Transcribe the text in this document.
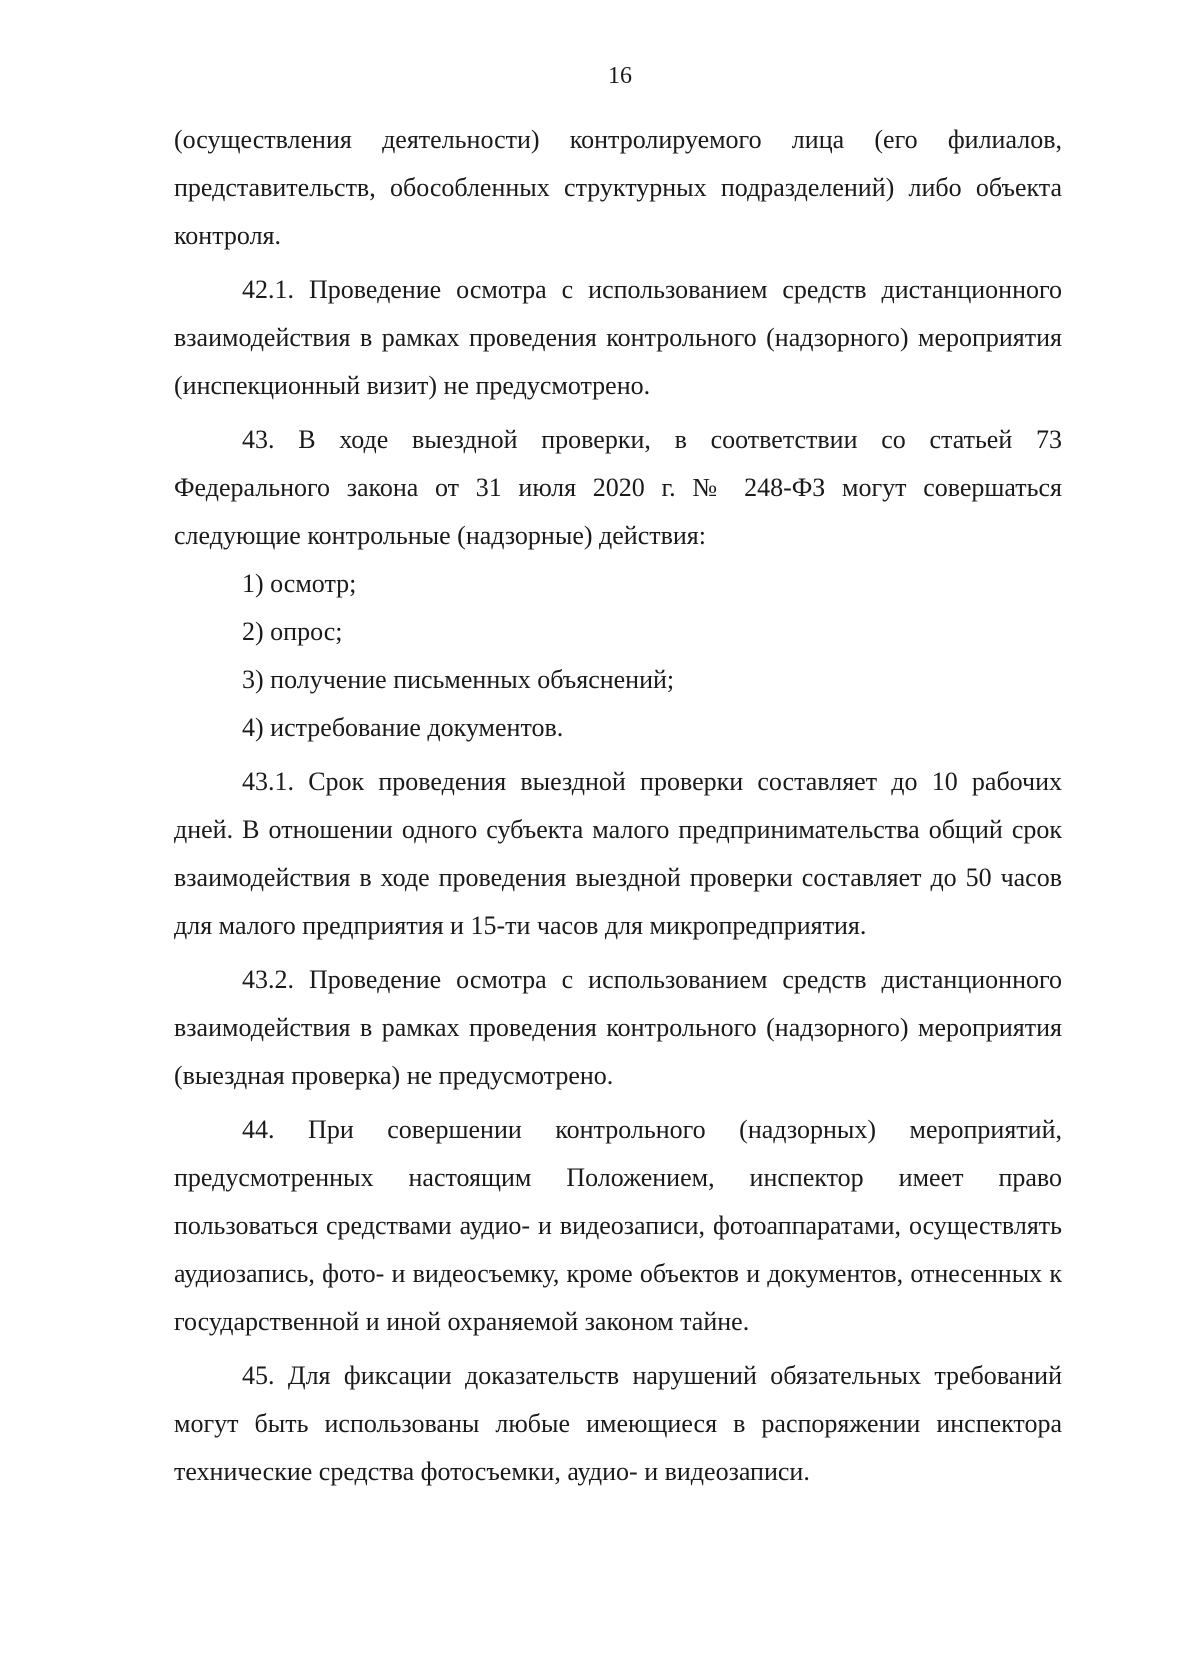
16

(осуществления деятельности) контролируемого лица (его филиалов, представительств, обособленных структурных подразделений) либо объекта контроля.

42.1. Проведение осмотра с использованием средств дистанционного взаимодействия в рамках проведения контрольного (надзорного) мероприятия (инспекционный визит) не предусмотрено.

43. В ходе выездной проверки, в соответствии со статьей 73 Федерального закона от 31 июля 2020 г. № 248-ФЗ могут совершаться следующие контрольные (надзорные) действия:

1) осмотр;

2) опрос;

3) получение письменных объяснений;

4) истребование документов.

43.1. Срок проведения выездной проверки составляет до 10 рабочих дней. В отношении одного субъекта малого предпринимательства общий срок взаимодействия в ходе проведения выездной проверки составляет до 50 часов для малого предприятия и 15-ти часов для микропредприятия.

43.2. Проведение осмотра с использованием средств дистанционного взаимодействия в рамках проведения контрольного (надзорного) мероприятия (выездная проверка) не предусмотрено.

44. При совершении контрольного (надзорных) мероприятий, предусмотренных настоящим Положением, инспектор имеет право пользоваться средствами аудио- и видеозаписи, фотоаппаратами, осуществлять аудиозапись, фото- и видеосъемку, кроме объектов и документов, отнесенных к государственной и иной охраняемой законом тайне.

45. Для фиксации доказательств нарушений обязательных требований могут быть использованы любые имеющиеся в распоряжении инспектора технические средства фотосъемки, аудио- и видеозаписи.
